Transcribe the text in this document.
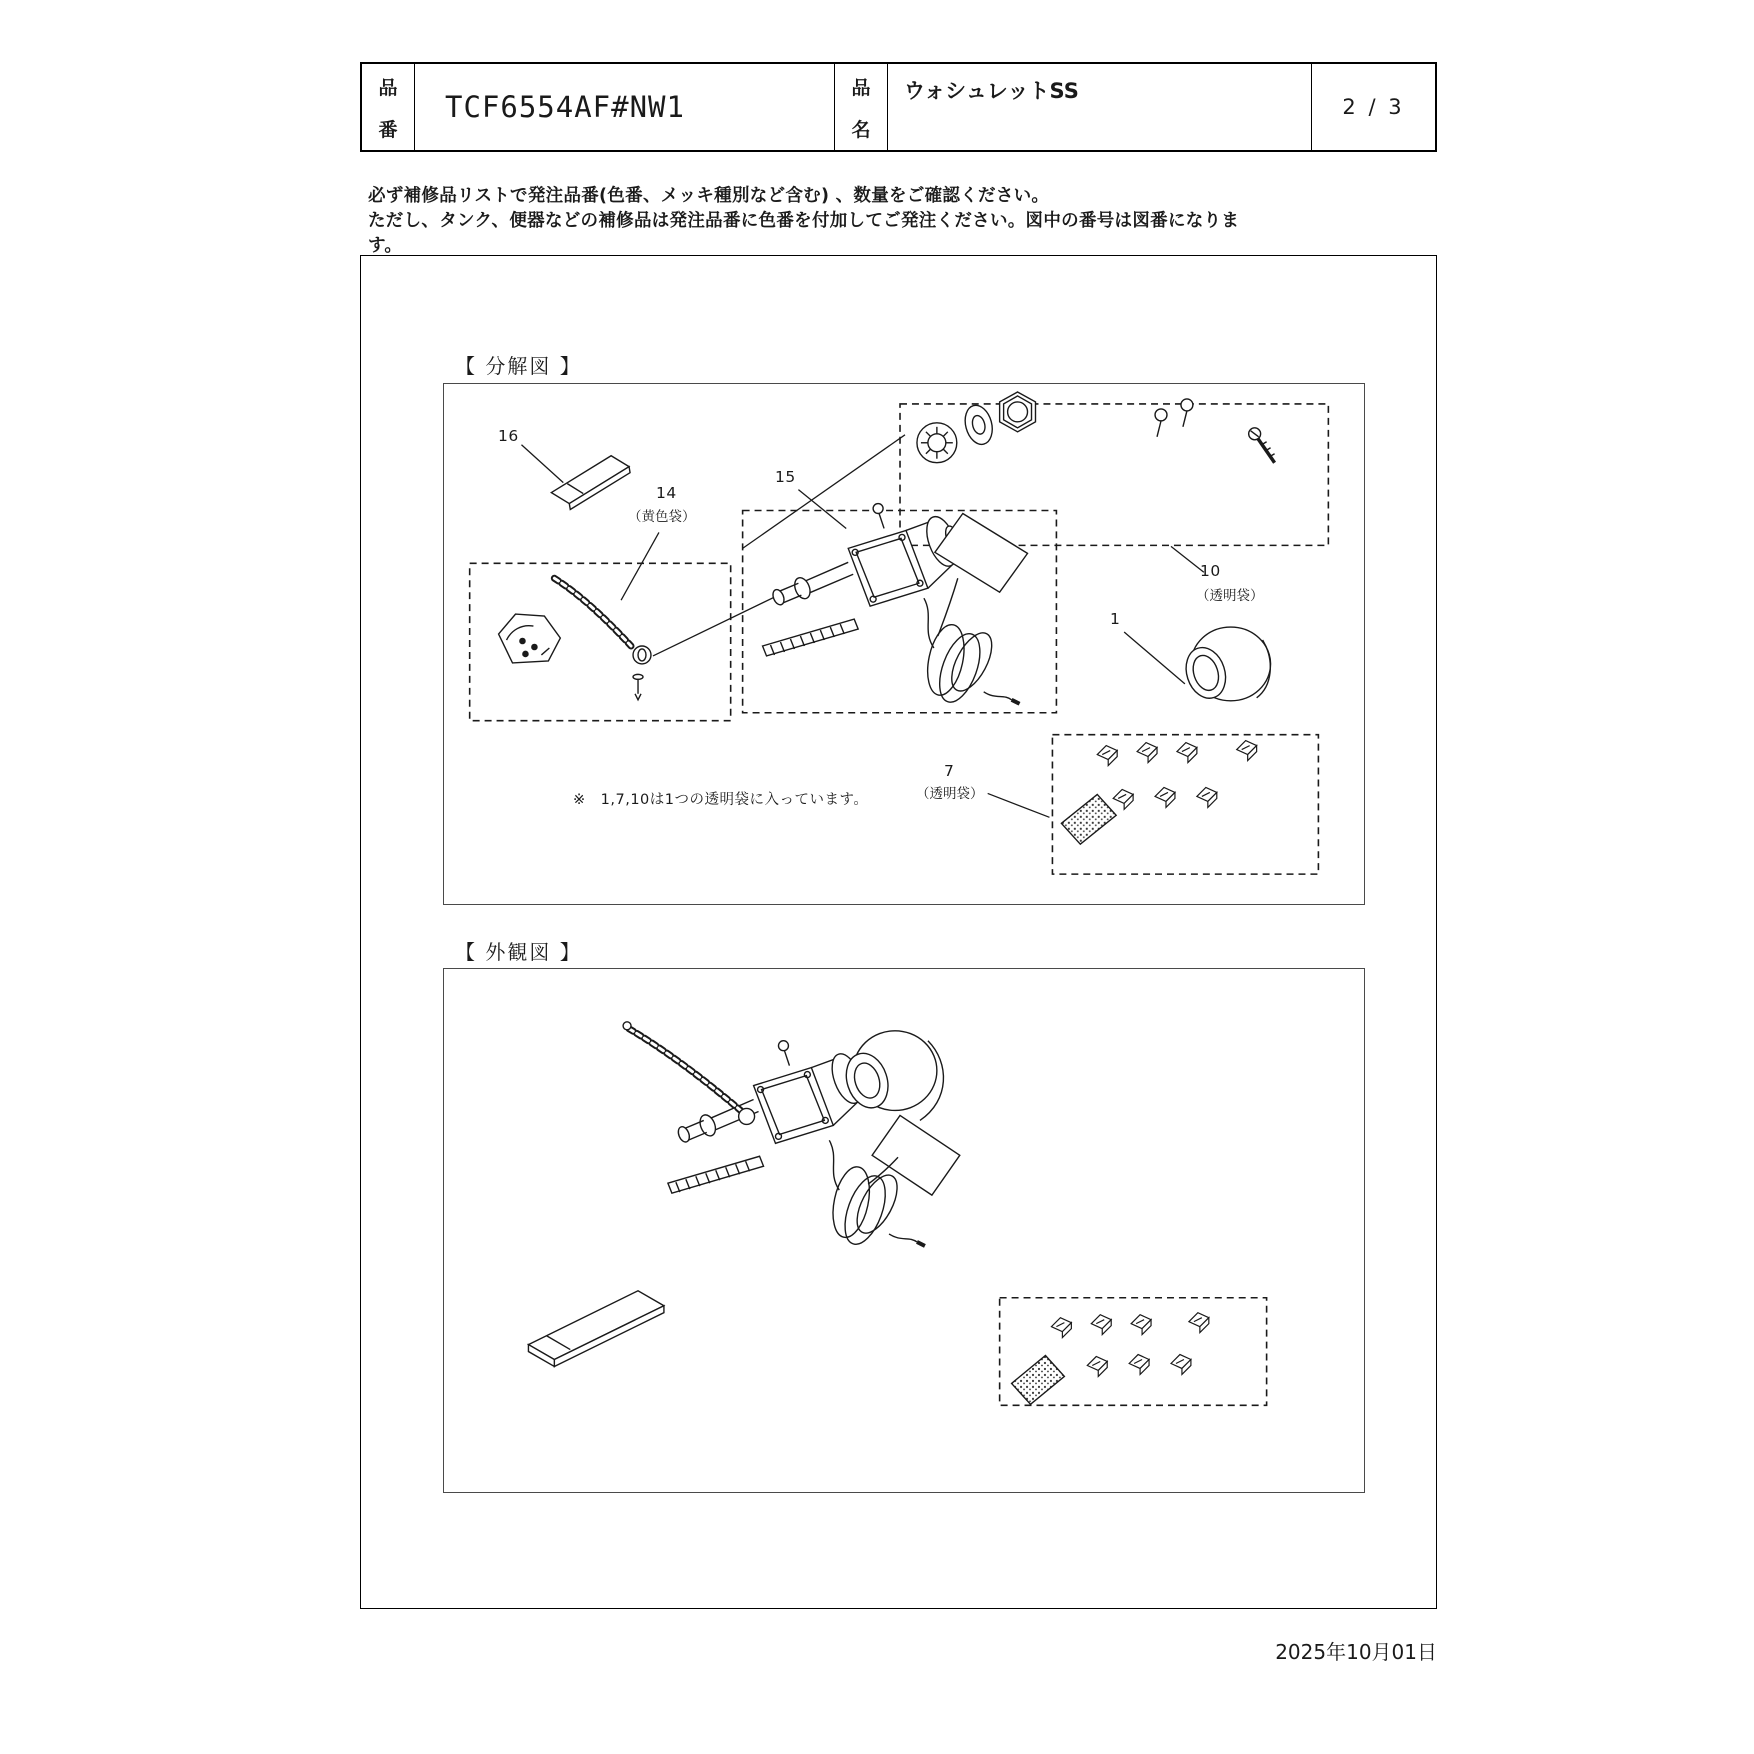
品
番
TCF6554AF#NW1
品
名
ウォシュレットSS
2 / 3
必ず補修品リストで発注品番(色番、メッキ種別など含む) 、数量をご確認ください。
ただし、タンク、便器などの補修品は発注品番に色番を付加してご発注ください。図中の番号は図番になります。
【 分解図 】
16
14
（黄色袋）
15
10
（透明袋）
1
7
（透明袋）
※　1,7,10は1つの透明袋に入っています。
【 外観図 】
2025年10月01日
